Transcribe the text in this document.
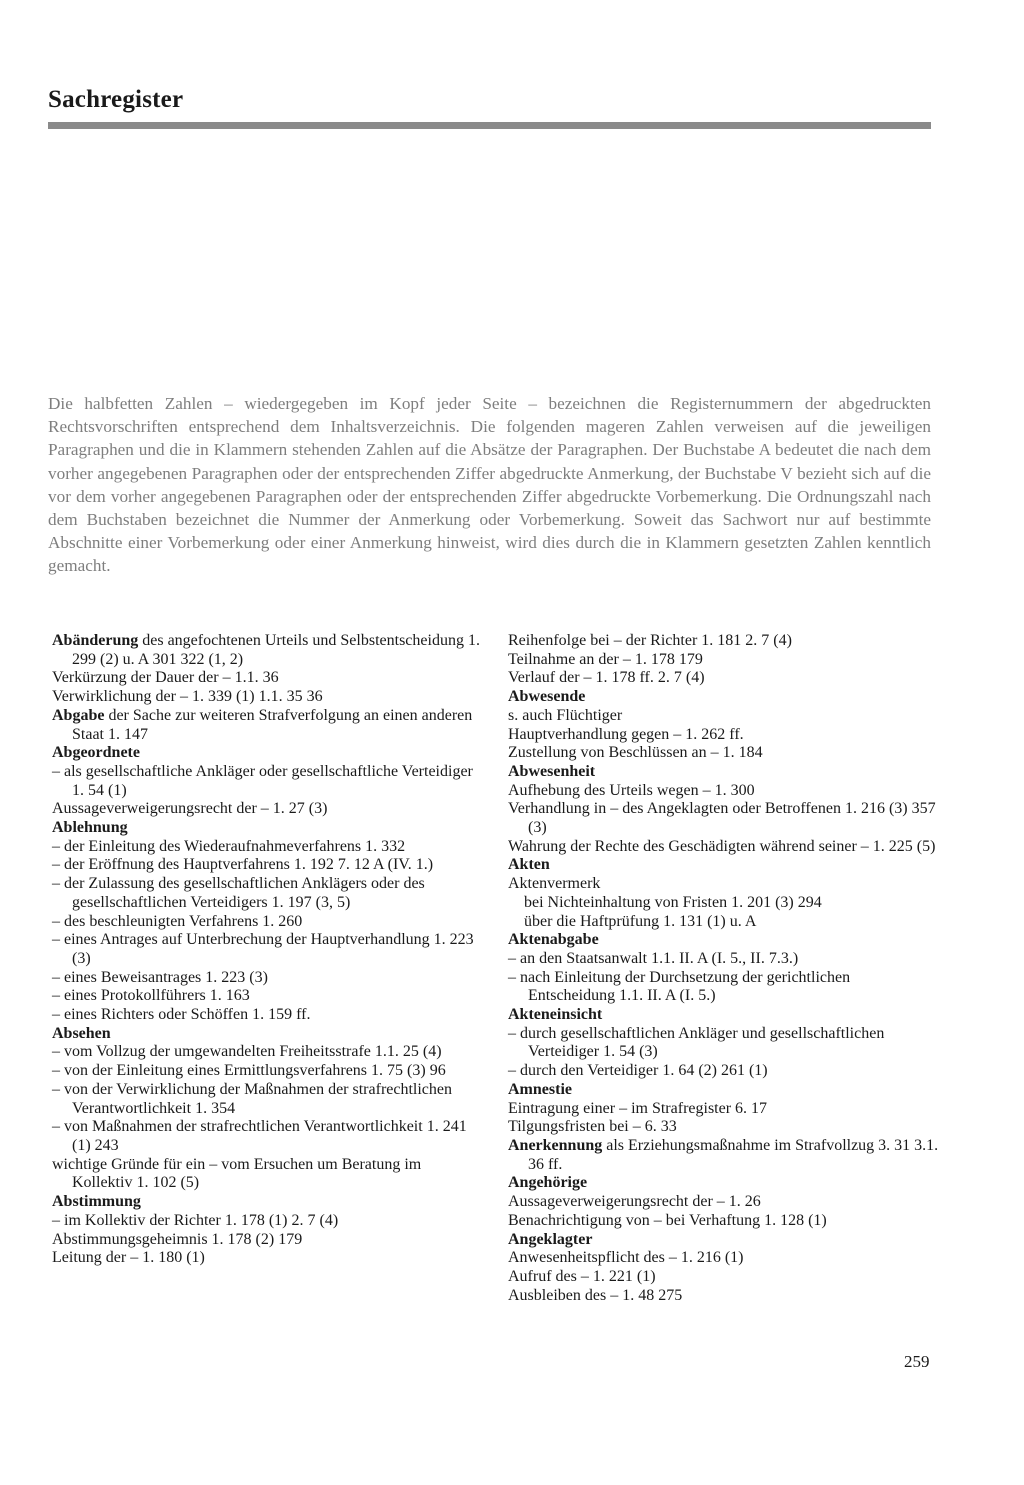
Sachregister

Die halbfetten Zahlen – wiedergegeben im Kopf jeder Seite – bezeichnen die Registernummern der abgedruckten Rechtsvorschriften entsprechend dem Inhaltsverzeichnis. Die folgenden mageren Zahlen verweisen auf die jeweiligen Paragraphen und die in Klammern stehenden Zahlen auf die Absätze der Paragraphen. Der Buchstabe A bedeutet die nach dem vorher angegebenen Paragraphen oder der entsprechenden Ziffer abgedruckte Anmerkung, der Buchstabe V bezieht sich auf die vor dem vorher angegebenen Paragraphen oder der entsprechenden Ziffer abgedruckte Vorbemerkung. Die Ordnungszahl nach dem Buchstaben bezeichnet die Nummer der Anmerkung oder Vorbemerkung. Soweit das Sachwort nur auf bestimmte Abschnitte einer Vorbemerkung oder einer Anmerkung hinweist, wird dies durch die in Klammern gesetzten Zahlen kenntlich gemacht.

Abänderung des angefochtenen Urteils und Selbstentscheidung 1. 299 (2) u. A 301 322 (1, 2)
Verkürzung der Dauer der – 1.1. 36
Verwirklichung der – 1. 339 (1) 1.1. 35 36
Abgabe der Sache zur weiteren Strafverfolgung an einen anderen Staat 1. 147
Abgeordnete
– als gesellschaftliche Ankläger oder gesellschaftliche Verteidiger 1. 54 (1)
Aussageverweigerungsrecht der – 1. 27 (3)
Ablehnung
– der Einleitung des Wiederaufnahmeverfahrens 1. 332
– der Eröffnung des Hauptverfahrens 1. 192 7. 12 A (IV. 1.)
– der Zulassung des gesellschaftlichen Anklägers oder des gesellschaftlichen Verteidigers 1. 197 (3, 5)
– des beschleunigten Verfahrens 1. 260
– eines Antrages auf Unterbrechung der Hauptverhandlung 1. 223 (3)
– eines Beweisantrages 1. 223 (3)
– eines Protokollführers 1. 163
– eines Richters oder Schöffen 1. 159 ff.
Absehen
– vom Vollzug der umgewandelten Freiheitsstrafe 1.1. 25 (4)
– von der Einleitung eines Ermittlungsverfahrens 1. 75 (3) 96
– von der Verwirklichung der Maßnahmen der strafrechtlichen Verantwortlichkeit 1. 354
– von Maßnahmen der strafrechtlichen Verantwortlichkeit 1. 241 (1) 243
wichtige Gründe für ein – vom Ersuchen um Beratung im Kollektiv 1. 102 (5)
Abstimmung
– im Kollektiv der Richter 1. 178 (1) 2. 7 (4)
Abstimmungsgeheimnis 1. 178 (2) 179
Leitung der – 1. 180 (1)
Reihenfolge bei – der Richter 1. 181 2. 7 (4)
Teilnahme an der – 1. 178 179
Verlauf der – 1. 178 ff. 2. 7 (4)
Abwesende
s. auch Flüchtiger
Hauptverhandlung gegen – 1. 262 ff.
Zustellung von Beschlüssen an – 1. 184
Abwesenheit
Aufhebung des Urteils wegen – 1. 300
Verhandlung in – des Angeklagten oder Betroffenen 1. 216 (3) 357 (3)
Wahrung der Rechte des Geschädigten während seiner – 1. 225 (5)
Akten
Aktenvermerk
bei Nichteinhaltung von Fristen 1. 201 (3) 294
über die Haftprüfung 1. 131 (1) u. A
Aktenabgabe
– an den Staatsanwalt 1.1. II. A (I. 5., II. 7.3.)
– nach Einleitung der Durchsetzung der gerichtlichen Entscheidung 1.1. II. A (I. 5.)
Akteneinsicht
– durch gesellschaftlichen Ankläger und gesellschaftlichen Verteidiger 1. 54 (3)
– durch den Verteidiger 1. 64 (2) 261 (1)
Amnestie
Eintragung einer – im Strafregister 6. 17
Tilgungsfristen bei – 6. 33
Anerkennung als Erziehungsmaßnahme im Strafvollzug 3. 31 3.1. 36 ff.
Angehörige
Aussageverweigerungsrecht der – 1. 26
Benachrichtigung von – bei Verhaftung 1. 128 (1)
Angeklagter
Anwesenheitspflicht des – 1. 216 (1)
Aufruf des – 1. 221 (1)
Ausbleiben des – 1. 48 275
259
